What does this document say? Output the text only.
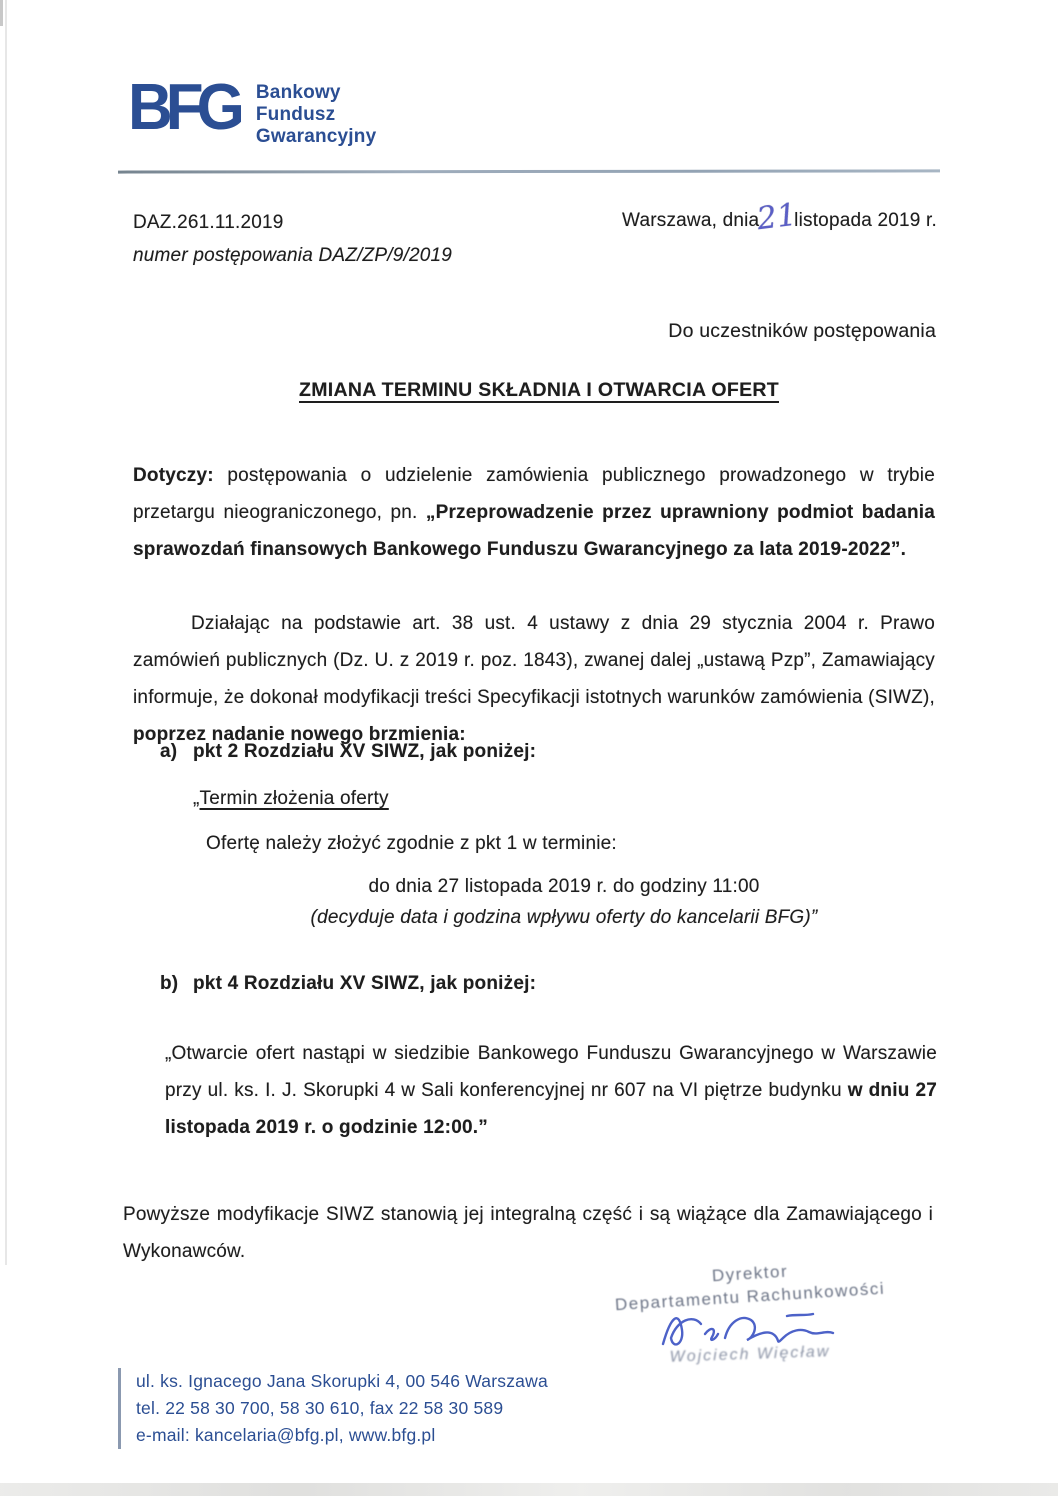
BFG Bankowy
Fundusz
Gwarancyjny
DAZ.261.11.2019
numer postępowania DAZ/ZP/9/2019
Warszawa, dnia21listopada 2019 r.
Do uczestników postępowania
ZMIANA TERMINU SKŁADNIA I OTWARCIA OFERT

Dotyczy: postępowania o udzielenie zamówienia publicznego prowadzonego w trybie przetargu nieograniczonego, pn. „Przeprowadzenie przez uprawniony podmiot badania sprawozdań finansowych Bankowego Funduszu Gwarancyjnego za lata 2019-2022”.

Działając na podstawie art. 38 ust. 4 ustawy z dnia 29 stycznia 2004 r. Prawo zamówień publicznych (Dz. U. z 2019 r. poz. 1843), zwanej dalej „ustawą Pzp”, Zamawiający informuje, że dokonał modyfikacji treści Specyfikacji istotnych warunków zamówienia (SIWZ), poprzez nadanie nowego brzmienia:

a) pkt 2 Rozdziału XV SIWZ, jak poniżej:
„Termin złożenia oferty
Ofertę należy złożyć zgodnie z pkt 1 w terminie:
do dnia 27 listopada 2019 r. do godziny 11:00
(decyduje data i godzina wpływu oferty do kancelarii BFG)”
b) pkt 4 Rozdziału XV SIWZ, jak poniżej:

„Otwarcie ofert nastąpi w siedzibie Bankowego Funduszu Gwarancyjnego w Warszawie przy ul. ks. I. J. Skorupki 4 w Sali konferencyjnej nr 607 na VI piętrze budynku w dniu 27 listopada 2019 r. o godzinie 12:00.”

Powyższe modyfikacje SIWZ stanowią jej integralną część i są wiążące dla Zamawiającego i Wykonawców.

Dyrektor
Departamentu Rachunkowości
Wojciech Więcław
ul. ks. Ignacego Jana Skorupki 4, 00 546 Warszawa
tel. 22 58 30 700, 58 30 610, fax 22 58 30 589
e-mail: kancelaria@bfg.pl, www.bfg.pl
